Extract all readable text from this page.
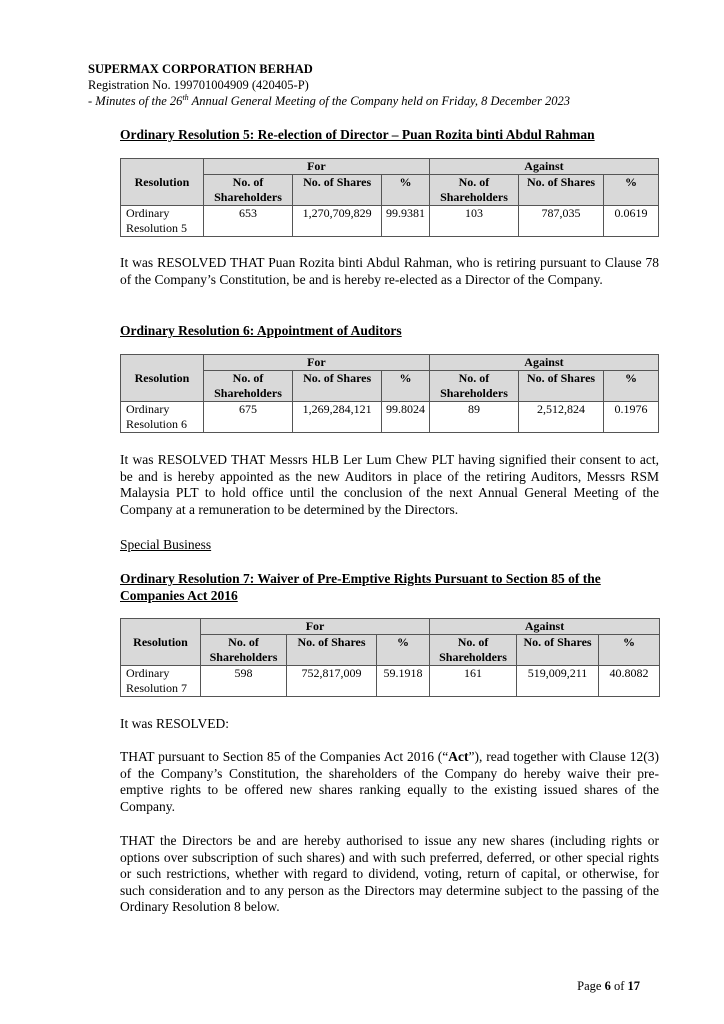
SUPERMAX CORPORATION BERHAD
Registration No. 199701004909 (420405-P)
- Minutes of the 26th Annual General Meeting of the Company held on Friday, 8 December 2023
Ordinary Resolution 5: Re-election of Director – Puan Rozita binti Abdul Rahman
Resolution	For			Against		
	No. of Shareholders	No. of Shares	%	No. of Shareholders	No. of Shares	%
Ordinary Resolution 5	653	1,270,709,829	99.9381	103	787,035	0.0619
It was RESOLVED THAT Puan Rozita binti Abdul Rahman, who is retiring pursuant to Clause 78 of the Company’s Constitution, be and is hereby re-elected as a Director of the Company.
Ordinary Resolution 6: Appointment of Auditors
Resolution	For			Against		
	No. of Shareholders	No. of Shares	%	No. of Shareholders	No. of Shares	%
Ordinary Resolution 6	675	1,269,284,121	99.8024	89	2,512,824	0.1976
It was RESOLVED THAT Messrs HLB Ler Lum Chew PLT having signified their consent to act, be and is hereby appointed as the new Auditors in place of the retiring Auditors, Messrs RSM Malaysia PLT to hold office until the conclusion of the next Annual General Meeting of the Company at a remuneration to be determined by the Directors.
Special Business
Ordinary Resolution 7: Waiver of Pre-Emptive Rights Pursuant to Section 85 of the Companies Act 2016
Resolution	For			Against		
	No. of Shareholders	No. of Shares	%	No. of Shareholders	No. of Shares	%
Ordinary Resolution 7	598	752,817,009	59.1918	161	519,009,211	40.8082
It was RESOLVED:
THAT pursuant to Section 85 of the Companies Act 2016 (“Act”), read together with Clause 12(3) of the Company’s Constitution, the shareholders of the Company do hereby waive their pre-emptive rights to be offered new shares ranking equally to the existing issued shares of the Company.
THAT the Directors be and are hereby authorised to issue any new shares (including rights or options over subscription of such shares) and with such preferred, deferred, or other special rights or such restrictions, whether with regard to dividend, voting, return of capital, or otherwise, for such consideration and to any person as the Directors may determine subject to the passing of the Ordinary Resolution 8 below.
Page 6 of 17
